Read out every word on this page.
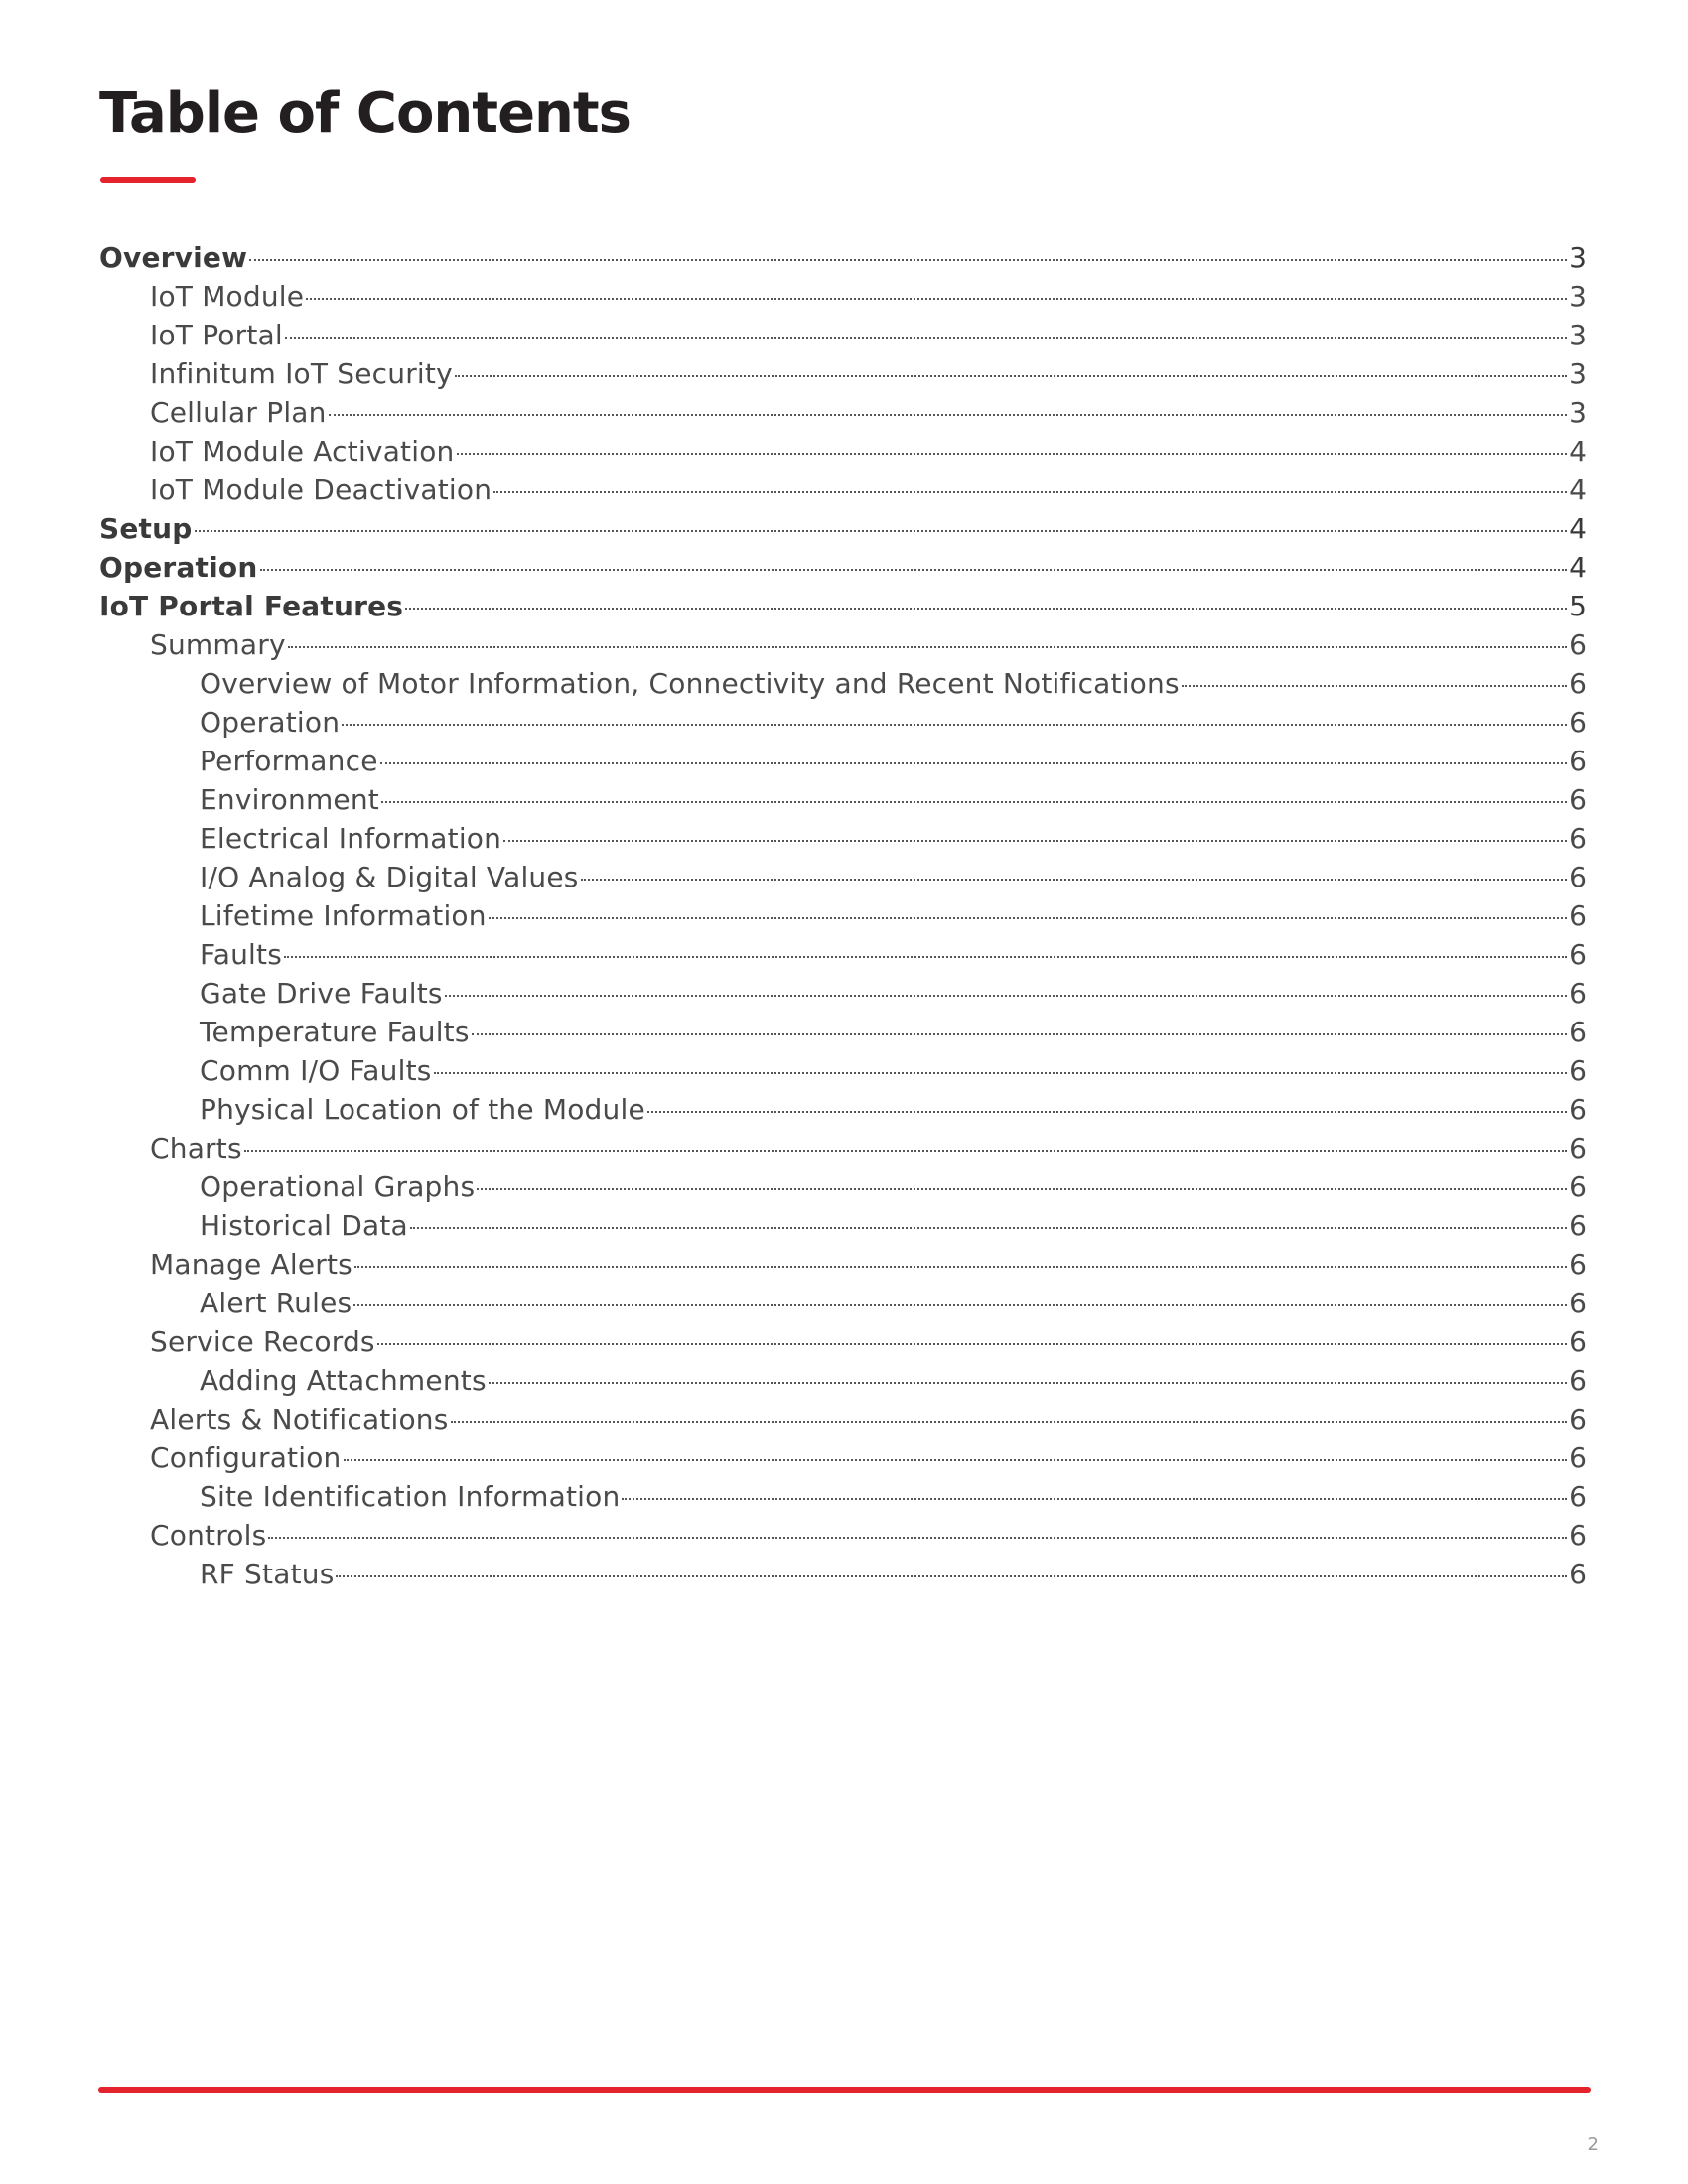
Table of Contents
Overview	3
IoT Module	3
IoT Portal	3
Infinitum IoT Security	3
Cellular Plan	3
IoT Module Activation	4
IoT Module Deactivation	4
Setup	4
Operation	4
IoT Portal Features	5
Summary	6
Overview of Motor Information, Connectivity and Recent Notifications	6
Operation	6
Performance	6
Environment	6
Electrical Information	6
I/O Analog & Digital Values	6
Lifetime Information	6
Faults	6
Gate Drive Faults	6
Temperature Faults	6
Comm I/O Faults	6
Physical Location of the Module	6
Charts	6
Operational Graphs	6
Historical Data	6
Manage Alerts	6
Alert Rules	6
Service Records	6
Adding Attachments	6
Alerts & Notifications	6
Configuration	6
Site Identification Information	6
Controls	6
RF Status	6
2
